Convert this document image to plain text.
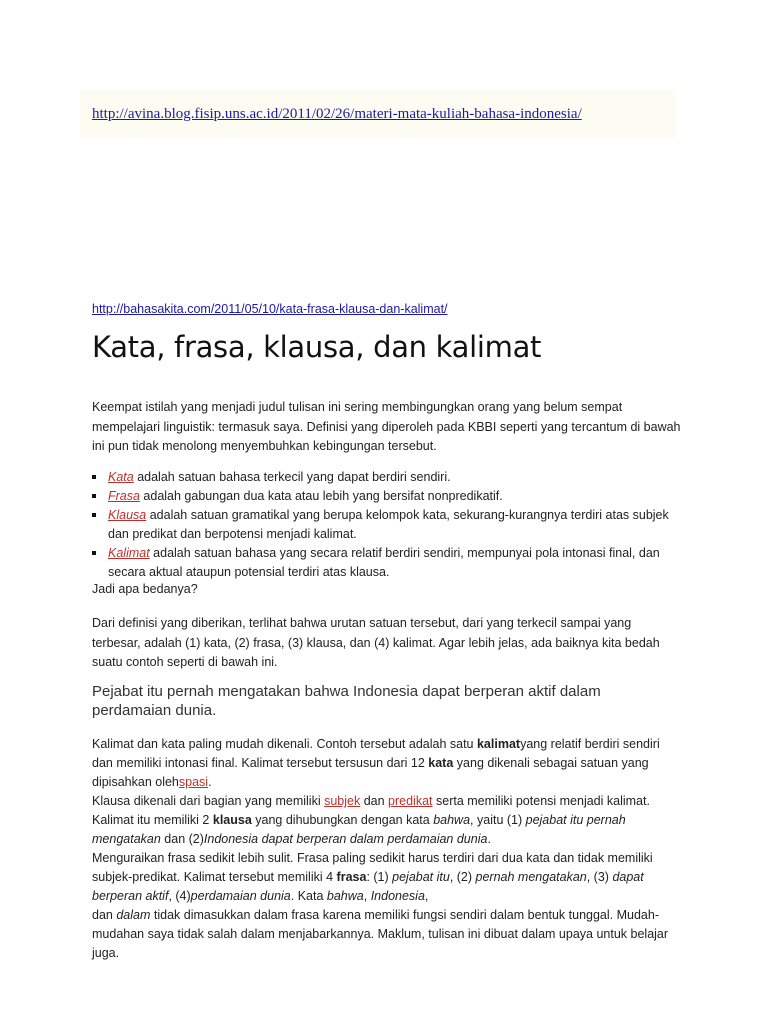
http://avina.blog.fisip.uns.ac.id/2011/02/26/materi-mata-kuliah-bahasa-indonesia/
http://bahasakita.com/2011/05/10/kata-frasa-klausa-dan-kalimat/
Kata, frasa, klausa, dan kalimat

Keempat istilah yang menjadi judul tulisan ini sering membingungkan orang yang belum sempat mempelajari linguistik: termasuk saya. Definisi yang diperoleh pada KBBI seperti yang tercantum di bawah ini pun tidak menolong menyembuhkan kebingungan tersebut.

Kata adalah satuan bahasa terkecil yang dapat berdiri sendiri.
Frasa adalah gabungan dua kata atau lebih yang bersifat nonpredikatif.
Klausa adalah satuan gramatikal yang berupa kelompok kata, sekurang-kurangnya terdiri atas subjek dan predikat dan berpotensi menjadi kalimat.
Kalimat adalah satuan bahasa yang secara relatif berdiri sendiri, mempunyai pola intonasi final, dan secara aktual ataupun potensial terdiri atas klausa.

Jadi apa bedanya?

Dari definisi yang diberikan, terlihat bahwa urutan satuan tersebut, dari yang terkecil sampai yang terbesar, adalah (1) kata, (2) frasa, (3) klausa, dan (4) kalimat. Agar lebih jelas, ada baiknya kita bedah suatu contoh seperti di bawah ini.

Pejabat itu pernah mengatakan bahwa Indonesia dapat berperan aktif dalam perdamaian dunia.

Kalimat dan kata paling mudah dikenali. Contoh tersebut adalah satu kalimatyang relatif berdiri sendiri dan memiliki intonasi final. Kalimat tersebut tersusun dari 12 kata yang dikenali sebagai satuan yang dipisahkan olehspasi.
Klausa dikenali dari bagian yang memiliki subjek dan predikat serta memiliki potensi menjadi kalimat. Kalimat itu memiliki 2 klausa yang dihubungkan dengan kata bahwa, yaitu (1) pejabat itu pernah mengatakan dan (2)Indonesia dapat berperan dalam perdamaian dunia.
Menguraikan frasa sedikit lebih sulit. Frasa paling sedikit harus terdiri dari dua kata dan tidak memiliki subjek-predikat. Kalimat tersebut memiliki 4 frasa: (1) pejabat itu, (2) pernah mengatakan, (3) dapat berperan aktif, (4)perdamaian dunia. Kata bahwa, Indonesia,
dan dalam tidak dimasukkan dalam frasa karena memiliki fungsi sendiri dalam bentuk tunggal. Mudah-mudahan saya tidak salah dalam menjabarkannya. Maklum, tulisan ini dibuat dalam upaya untuk belajar juga.
